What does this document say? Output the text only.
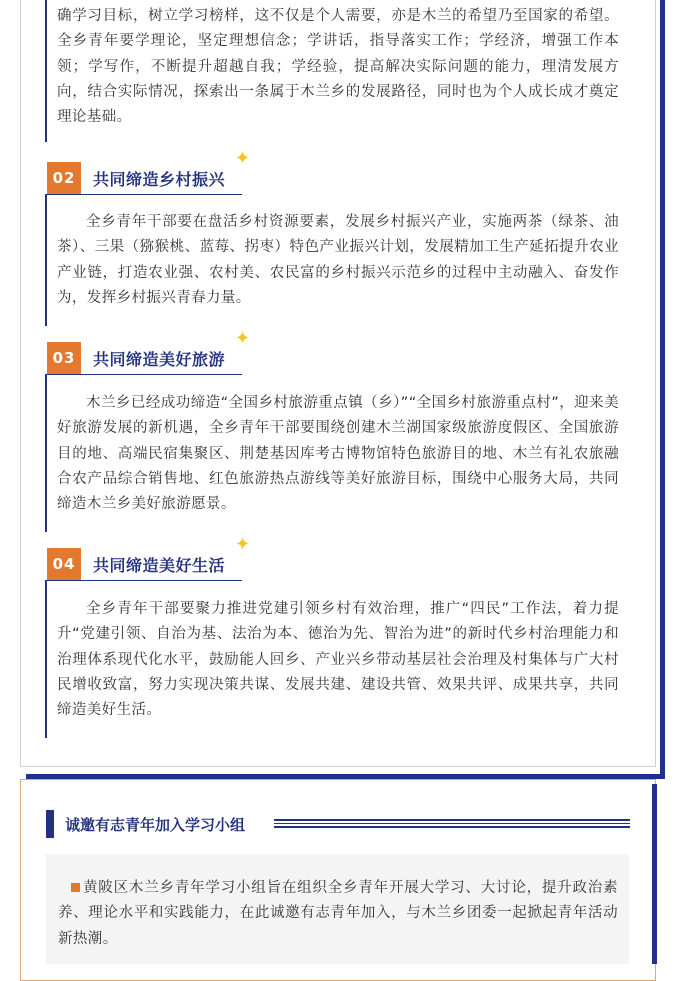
确学习目标，树立学习榜样，这不仅是个人需要，亦是木兰的希望乃至国家的希望。全乡青年要学理论，坚定理想信念；学讲话，指导落实工作；学经济，增强工作本领；学写作，不断提升超越自我；学经验，提高解决实际问题的能力，理清发展方向，结合实际情况，探索出一条属于木兰乡的发展路径，同时也为个人成长成才奠定理论基础。

02	共同缔造乡村振兴
✦

全乡青年干部要在盘活乡村资源要素，发展乡村振兴产业，实施两茶（绿茶、油茶）、三果（猕猴桃、蓝莓、拐枣）特色产业振兴计划，发展精加工生产延拓提升农业产业链，打造农业强、农村美、农民富的乡村振兴示范乡的过程中主动融入、奋发作为，发挥乡村振兴青春力量。

03	共同缔造美好旅游
✦

木兰乡已经成功缔造“全国乡村旅游重点镇（乡）”“全国乡村旅游重点村”，迎来美好旅游发展的新机遇，全乡青年干部要围绕创建木兰湖国家级旅游度假区、全国旅游目的地、高端民宿集聚区、荆楚基因库考古博物馆特色旅游目的地、木兰有礼农旅融合农产品综合销售地、红色旅游热点游线等美好旅游目标，围绕中心服务大局，共同缔造木兰乡美好旅游愿景。

04	共同缔造美好生活
✦

全乡青年干部要聚力推进党建引领乡村有效治理，推广“四民”工作法，着力提升“党建引领、自治为基、法治为本、德治为先、智治为进”的新时代乡村治理能力和治理体系现代化水平，鼓励能人回乡、产业兴乡带动基层社会治理及村集体与广大村民增收致富，努力实现决策共谋、发展共建、建设共管、效果共评、成果共享，共同缔造美好生活。

诚邀有志青年加入学习小组

黄陂区木兰乡青年学习小组旨在组织全乡青年开展大学习、大讨论，提升政治素养、理论水平和实践能力，在此诚邀有志青年加入，与木兰乡团委一起掀起青年活动新热潮。
